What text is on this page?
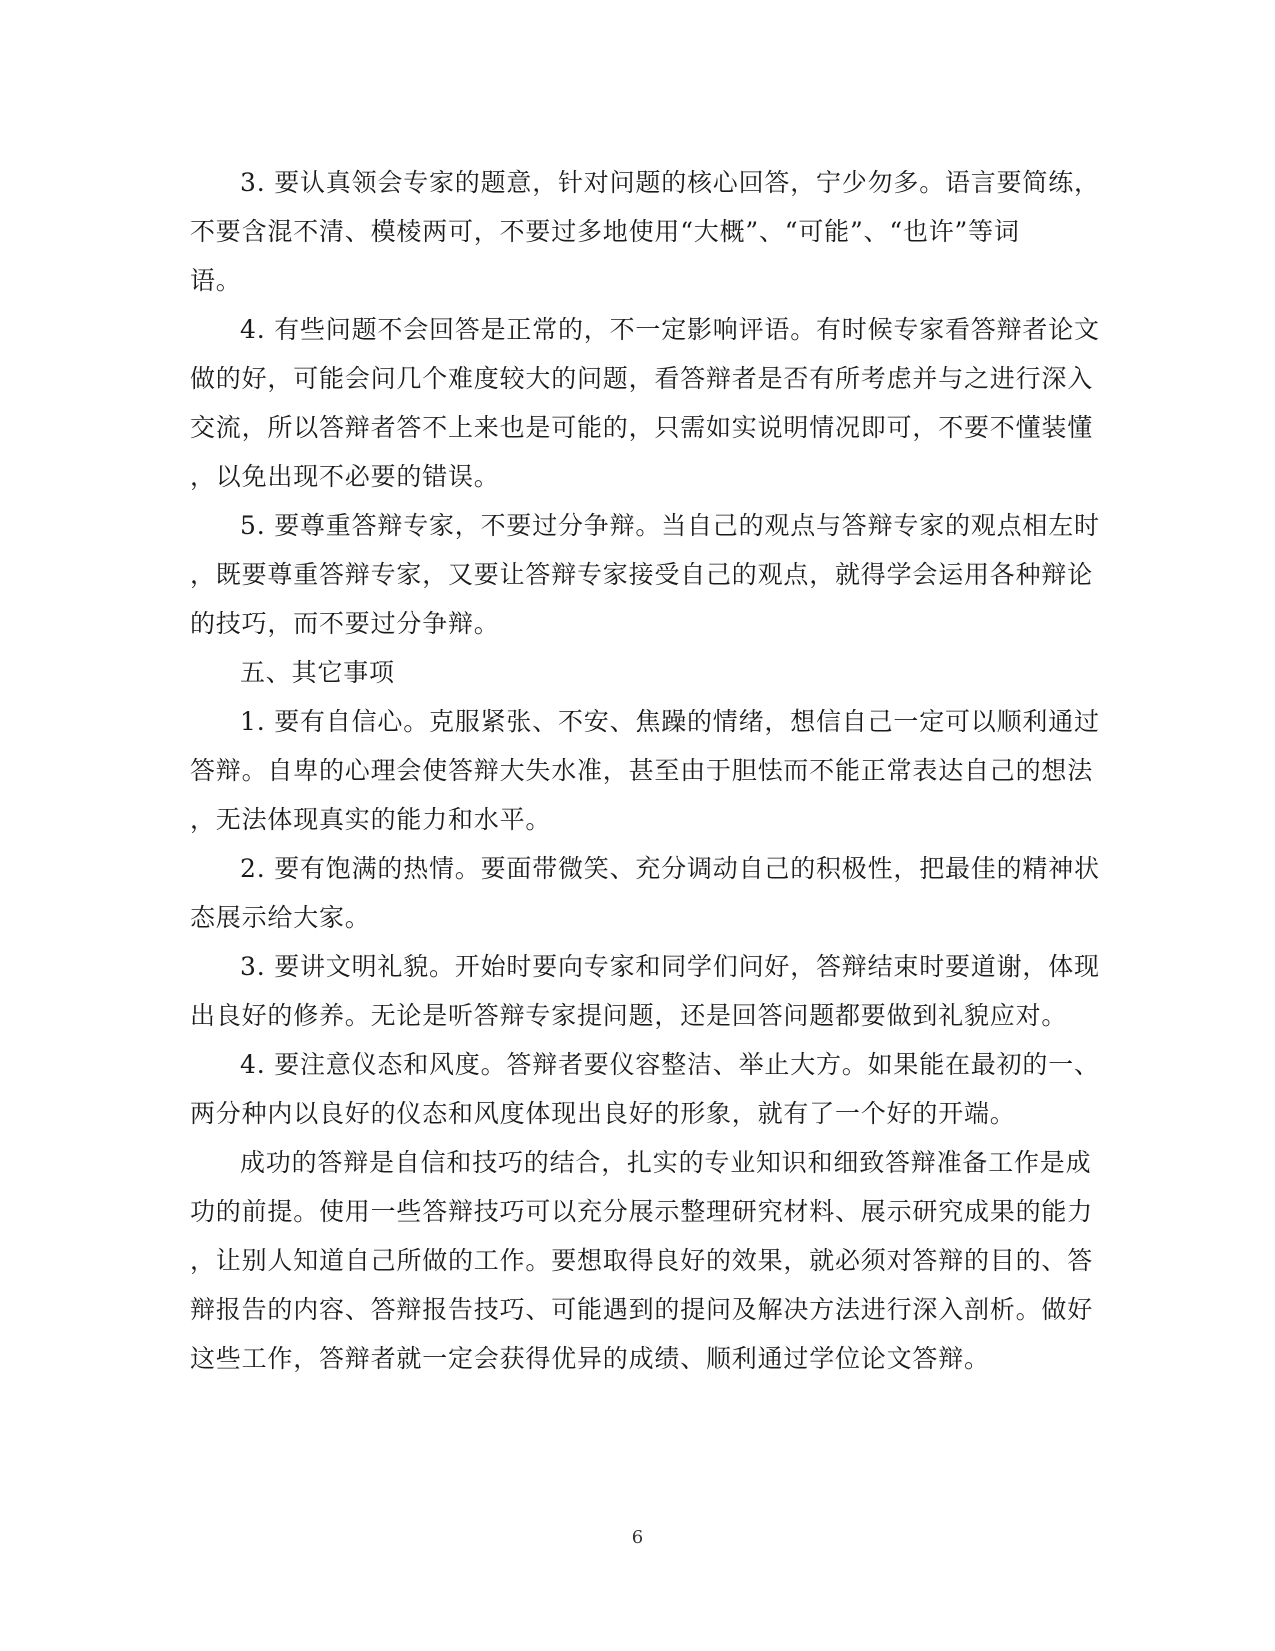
3. 要认真领会专家的题意，针对问题的核心回答，宁少勿多。语言要简练，
不要含混不清、模棱两可，不要过多地使用“大概”、“可能”、“也许”等词
语。

4. 有些问题不会回答是正常的，不一定影响评语。有时候专家看答辩者论文
做的好，可能会问几个难度较大的问题，看答辩者是否有所考虑并与之进行深入
交流，所以答辩者答不上来也是可能的，只需如实说明情况即可，不要不懂装懂
，以免出现不必要的错误。

5. 要尊重答辩专家，不要过分争辩。当自己的观点与答辩专家的观点相左时
，既要尊重答辩专家，又要让答辩专家接受自己的观点，就得学会运用各种辩论
的技巧，而不要过分争辩。

五、其它事项

1. 要有自信心。克服紧张、不安、焦躁的情绪，想信自己一定可以顺利通过
答辩。自卑的心理会使答辩大失水准，甚至由于胆怯而不能正常表达自己的想法
，无法体现真实的能力和水平。

2. 要有饱满的热情。要面带微笑、充分调动自己的积极性，把最佳的精神状
态展示给大家。

3. 要讲文明礼貌。开始时要向专家和同学们问好，答辩结束时要道谢，体现
出良好的修养。无论是听答辩专家提问题，还是回答问题都要做到礼貌应对。

4. 要注意仪态和风度。答辩者要仪容整洁、举止大方。如果能在最初的一、
两分种内以良好的仪态和风度体现出良好的形象，就有了一个好的开端。

成功的答辩是自信和技巧的结合，扎实的专业知识和细致答辩准备工作是成
功的前提。使用一些答辩技巧可以充分展示整理研究材料、展示研究成果的能力
，让别人知道自己所做的工作。要想取得良好的效果，就必须对答辩的目的、答
辩报告的内容、答辩报告技巧、可能遇到的提问及解决方法进行深入剖析。做好
这些工作，答辩者就一定会获得优异的成绩、顺利通过学位论文答辩。

6
